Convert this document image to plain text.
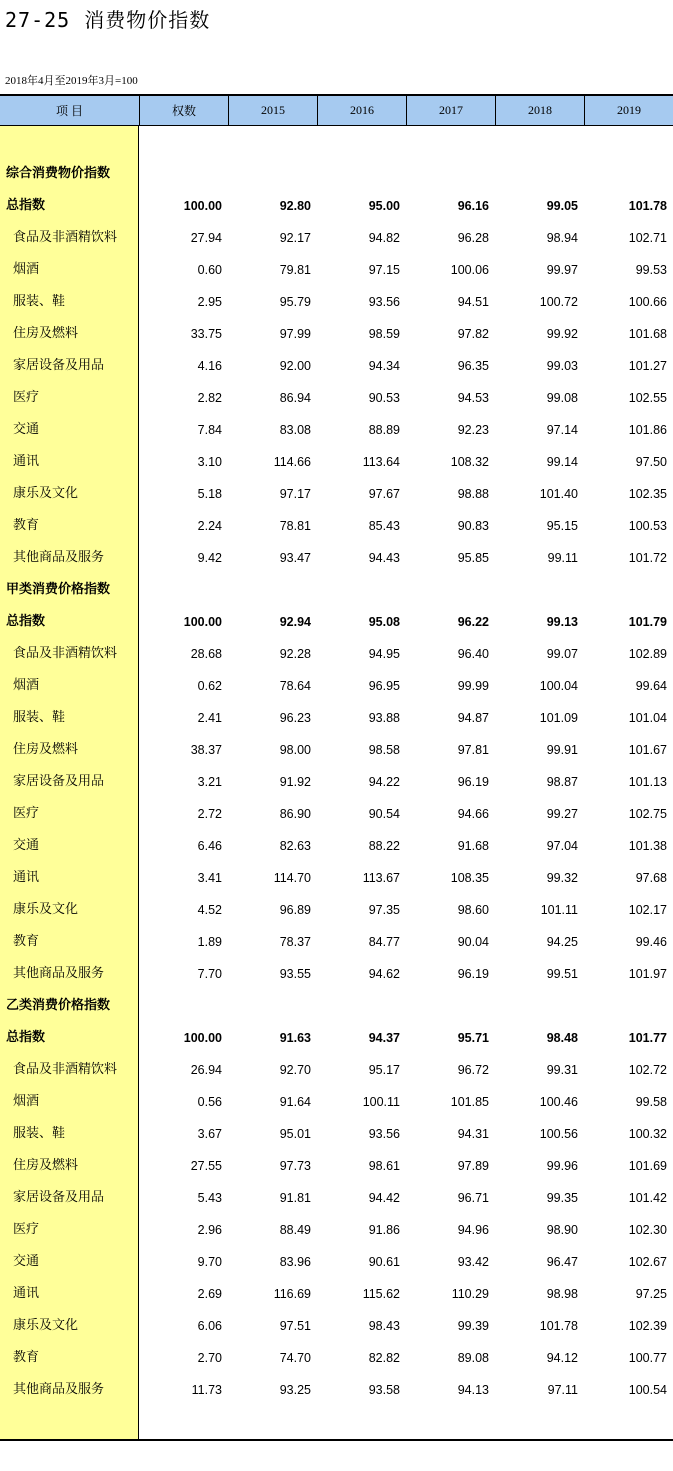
27-25 消费物价指数
2018年4月至2019年3月=100
项 目	权数	2015	2016	2017	2018	2019
综合消费物价指数
总指数	100.00	92.80	95.00	96.16	99.05	101.78
食品及非酒精饮料	27.94	92.17	94.82	96.28	98.94	102.71
烟酒	0.60	79.81	97.15	100.06	99.97	99.53
服装、鞋	2.95	95.79	93.56	94.51	100.72	100.66
住房及燃料	33.75	97.99	98.59	97.82	99.92	101.68
家居设备及用品	4.16	92.00	94.34	96.35	99.03	101.27
医疗	2.82	86.94	90.53	94.53	99.08	102.55
交通	7.84	83.08	88.89	92.23	97.14	101.86
通讯	3.10	114.66	113.64	108.32	99.14	97.50
康乐及文化	5.18	97.17	97.67	98.88	101.40	102.35
教育	2.24	78.81	85.43	90.83	95.15	100.53
其他商品及服务	9.42	93.47	94.43	95.85	99.11	101.72
甲类消费价格指数
总指数	100.00	92.94	95.08	96.22	99.13	101.79
食品及非酒精饮料	28.68	92.28	94.95	96.40	99.07	102.89
烟酒	0.62	78.64	96.95	99.99	100.04	99.64
服装、鞋	2.41	96.23	93.88	94.87	101.09	101.04
住房及燃料	38.37	98.00	98.58	97.81	99.91	101.67
家居设备及用品	3.21	91.92	94.22	96.19	98.87	101.13
医疗	2.72	86.90	90.54	94.66	99.27	102.75
交通	6.46	82.63	88.22	91.68	97.04	101.38
通讯	3.41	114.70	113.67	108.35	99.32	97.68
康乐及文化	4.52	96.89	97.35	98.60	101.11	102.17
教育	1.89	78.37	84.77	90.04	94.25	99.46
其他商品及服务	7.70	93.55	94.62	96.19	99.51	101.97
乙类消费价格指数
总指数	100.00	91.63	94.37	95.71	98.48	101.77
食品及非酒精饮料	26.94	92.70	95.17	96.72	99.31	102.72
烟酒	0.56	91.64	100.11	101.85	100.46	99.58
服装、鞋	3.67	95.01	93.56	94.31	100.56	100.32
住房及燃料	27.55	97.73	98.61	97.89	99.96	101.69
家居设备及用品	5.43	91.81	94.42	96.71	99.35	101.42
医疗	2.96	88.49	91.86	94.96	98.90	102.30
交通	9.70	83.96	90.61	93.42	96.47	102.67
通讯	2.69	116.69	115.62	110.29	98.98	97.25
康乐及文化	6.06	97.51	98.43	99.39	101.78	102.39
教育	2.70	74.70	82.82	89.08	94.12	100.77
其他商品及服务	11.73	93.25	93.58	94.13	97.11	100.54
